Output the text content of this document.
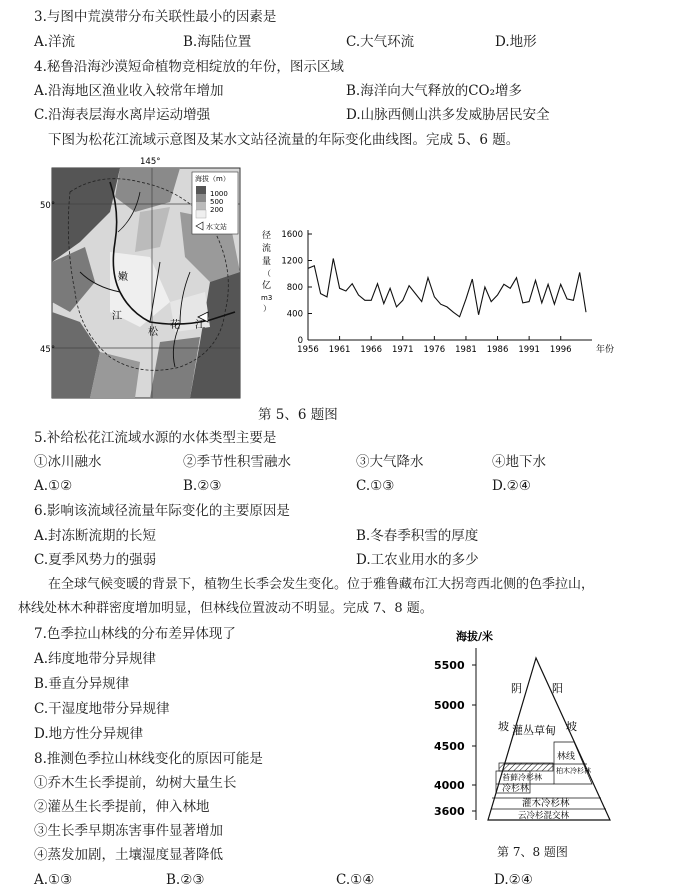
3.与图中荒漠带分布关联性最小的因素是
A.洋流	B.海陆位置	C.大气环流	D.地形
4.秘鲁沿海沙漠短命植物竞相绽放的年份，图示区域
A.沿海地区渔业收入较常年增加	B.海洋向大气释放的CO₂增多
C.沿海表层海水离岸运动增强	D.山脉西侧山洪多发威胁居民安全
下图为松花江流域示意图及某水文站径流量的年际变化曲线图。完成 5、6 题。
嫩
江
松
花 江
145°
50°
45°
海拔（m）
1000
500
200
水文站
径
流
量
（
亿
m3
）
0
400
800
1200
1600
1956 1961 1966 1971 1976 1981 1986 1991 1996	年份
第 5、6 题图
5.补给松花江流域水源的水体类型主要是
①冰川融水	②季节性积雪融水	③大气降水	④地下水
A.①②	B.②③	C.①③	D.②④
6.影响该流域径流量年际变化的主要原因是
A.封冻断流期的长短	B.冬春季积雪的厚度
C.夏季风势力的强弱	D.工农业用水的多少
在全球气候变暖的背景下，植物生长季会发生变化。位于雅鲁藏布江大拐弯西北侧的色季拉山，
林线处林木种群密度增加明显，但林线位置波动不明显。完成 7、8 题。
7.色季拉山林线的分布差异体现了
A.纬度地带分异规律
B.垂直分异规律
C.干湿度地带分异规律
D.地方性分异规律
8.推测色季拉山林线变化的原因可能是
①乔木生长季提前，幼树大量生长
②灌丛生长季提前，伸入林地
③生长季早期冻害事件显著增加
④蒸发加剧，土壤湿度显著降低
A.①③	B.②③	C.①④	D.②④
海拔/米
5500
5000
4500
4000
3600
阴
坡
阳
坡
灌丛草甸
林线
苔藓冷杉林
冷杉林
柏木冷杉林
灌木冷杉林
云冷杉混交林
第 7、8 题图
